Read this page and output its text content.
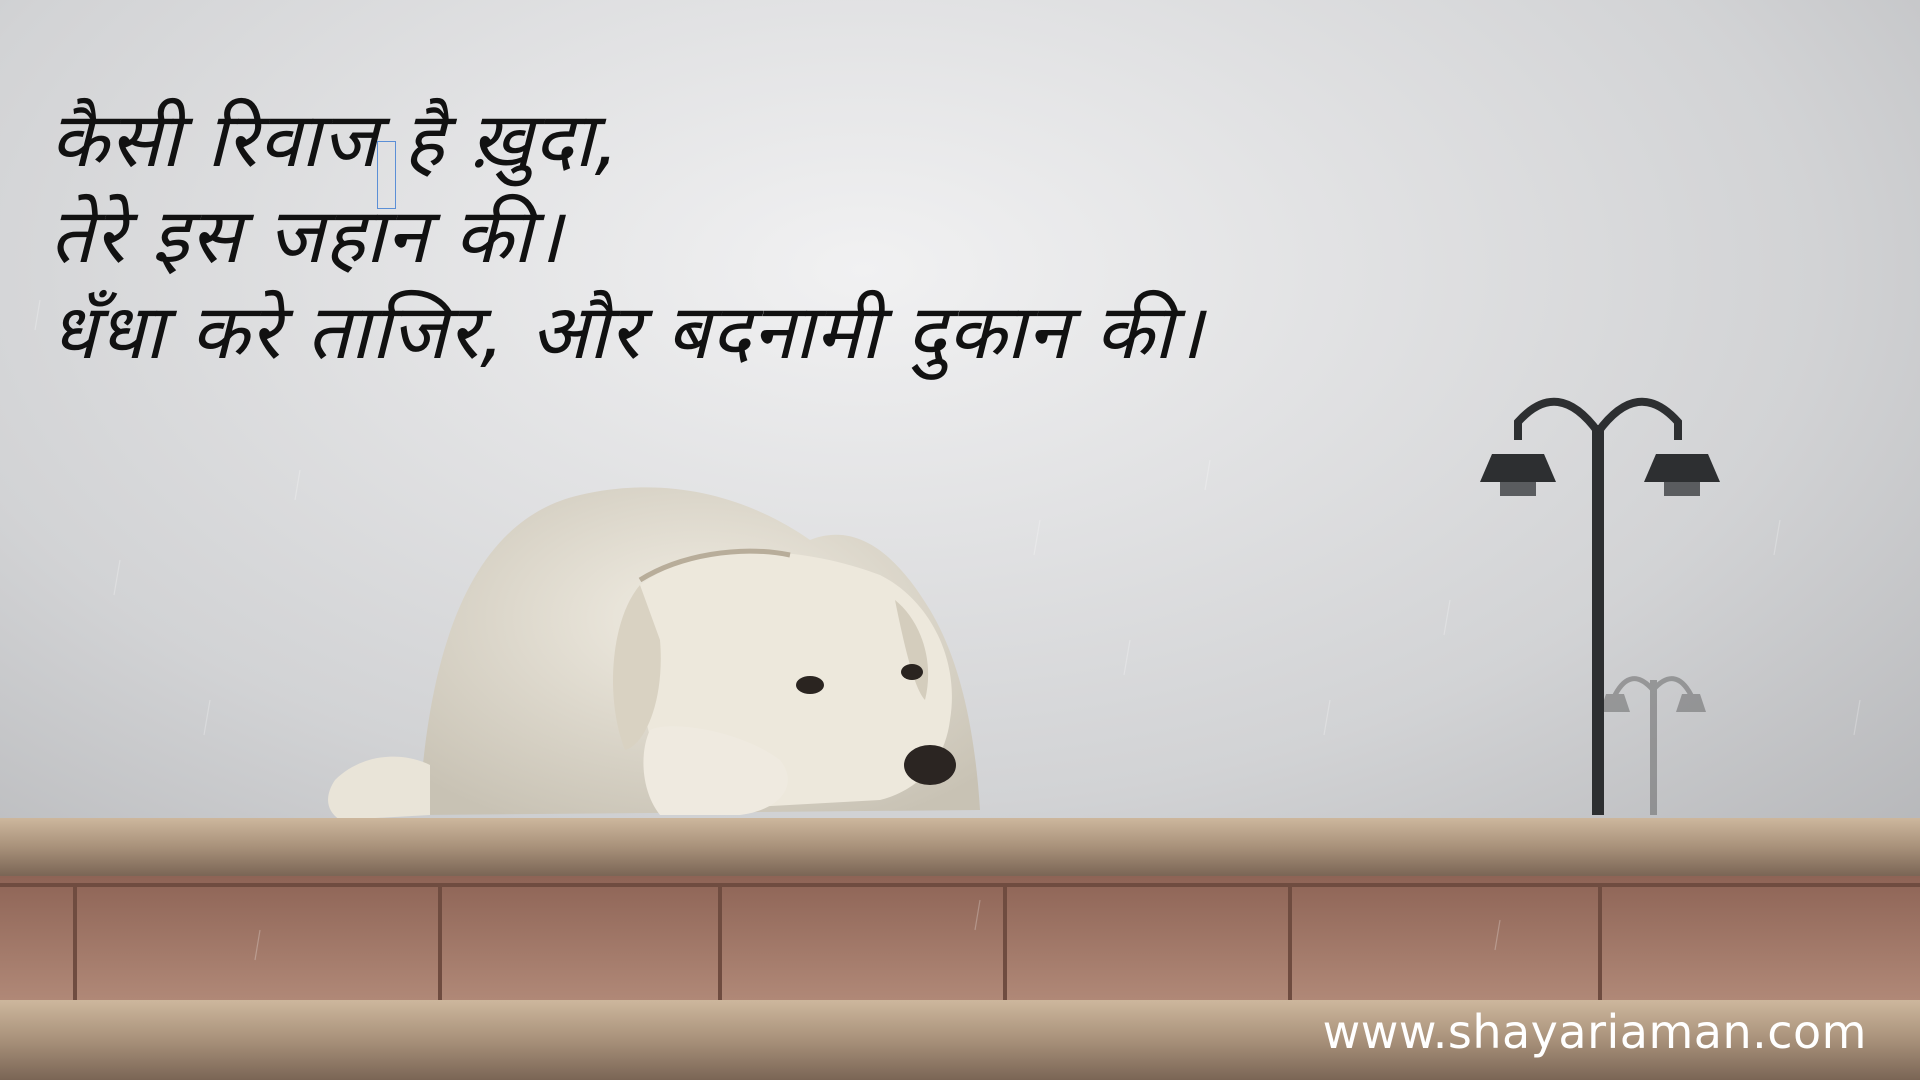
कैसी रिवाज है ख़ुदा,
तेरे इस जहान की।
धँधा करे ताजिर, और बदनामी दुकान की।

www.shayariaman.com
